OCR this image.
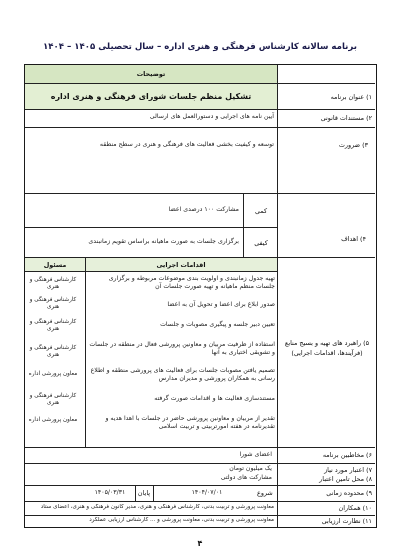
برنامه سالانه کارشناس فرهنگی و هنری اداره – سال تحصیلی ۱۴۰۵ – ۱۴۰۴
توضیحات
۱) عنوان برنامه
تشکیل منظم جلسات شورای فرهنگی و هنری اداره
۲) مستندات قانونی
آیین نامه های اجرایی و دستورالعمل های ارسالی
۳) ضرورت
توسعه و کیفیت بخشی فعالیت های فرهنگی و هنری در سطح منطقه
۴) اهداف
کمی
مشارکت ۱۰۰ درصدی اعضا
کیفی
برگزاری جلسات به صورت ماهیانه براساس تقویم زمانبندی
۵) راهبرد های تهیه و بسیج منابع (فرآیندها، اقدامات اجرایی)
اقدامات اجرایی
مسئول
تهیه جدول زمانبندی و اولویت بندی موضوعات مربوطه و برگزاری جلسات منظم ماهیانه و تهیه صورت جلسات آن
صدور ابلاغ برای اعضا و تحویل آن به اعضا
تعیین دبیر جلسه و پیگیری مصوبات و جلسات
استفاده از ظرفیت مربیان و معاونین پرورشی فعال در منطقه در جلسات و تشویقی اختیاری به آنها
تصمیم یافتن مصوبات جلسات برای فعالیت های پرورشی منطقه و اطلاع رسانی به همکاران پرورشی و مدیران مدارس
مستندسازی فعالیت ها و اقدامات صورت گرفته
تقدیر از مربیان و معاونین پرورشی حاضر در جلسات با اهدا هدیه و تقدیرنامه در هفته امورتربیتی و تربیت اسلامی
کارشناس فرهنگی و هنری
کارشناس فرهنگی و هنری
کارشناس فرهنگی و هنری
کارشناس فرهنگی و هنری
معاون پرورشی اداره
کارشناس فرهنگی و هنری
معاون پرورشی اداره
۶) مخاطبین برنامه
اعضای شورا
۷) اعتبار مورد نیاز
یک میلیون تومان
۸) محل تامین اعتبار
مشارکت های دولتی
۹) محدوده زمانی
شروع
۱۴۰۴/۰۷/۰۱
پایان
۱۴۰۵/۰۳/۳۱
۱۰) همکاران
معاونت پرورشی و تربیت بدنی، کارشناس فرهنگی و هنری، مدیر کانون فرهنگی و هنری، اعضای ستاد
۱۱) نظارت ارزیابی
معاونت پرورشی و تربیت بدنی، معاونت پرورشی و ... کارشناس ارزیابی عملکرد
۴
